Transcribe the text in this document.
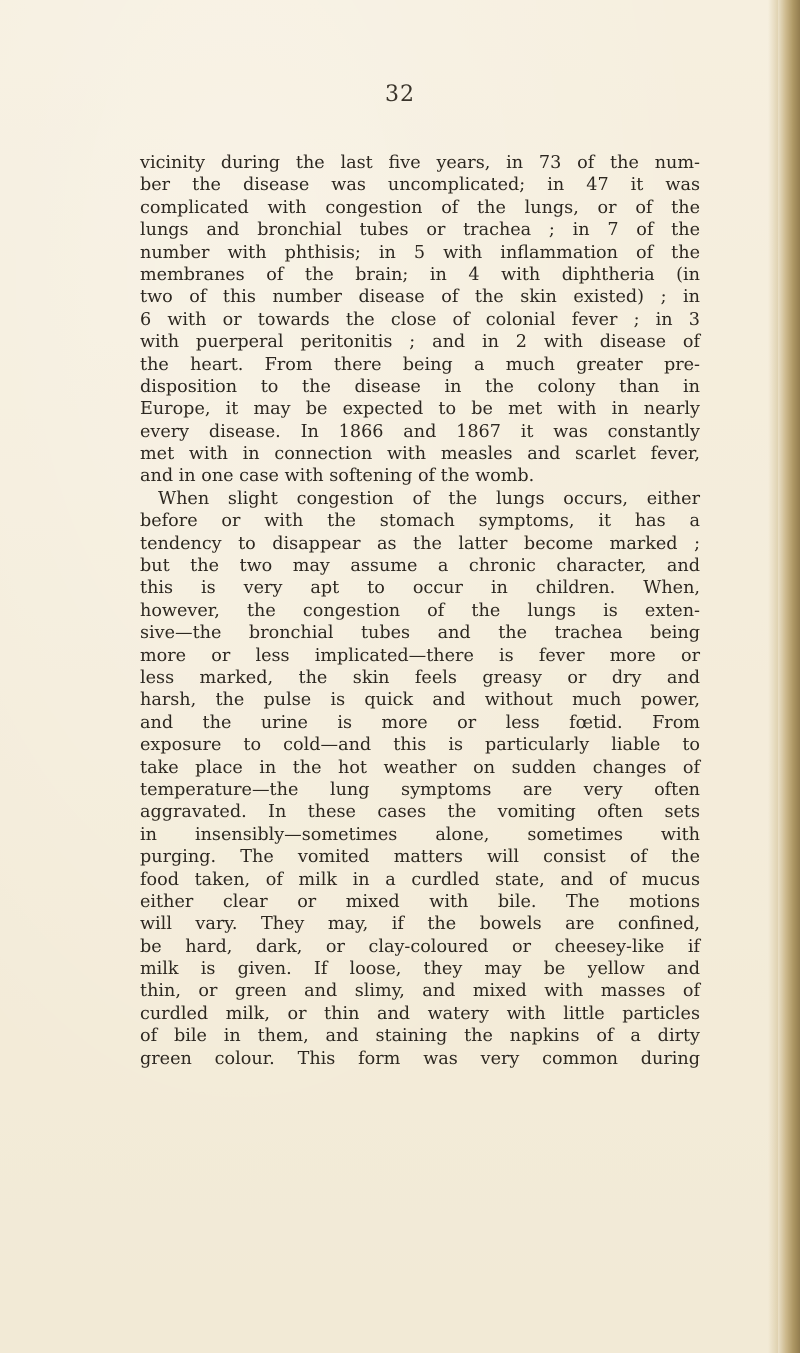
32
vicinity during the last five years, in 73 of the num-
ber the disease was uncomplicated; in 47 it was
complicated with congestion of the lungs, or of the
lungs and bronchial tubes or trachea ; in 7 of the
number with phthisis; in 5 with inflammation of the
membranes of the brain; in 4 with diphtheria (in
two of this number disease of the skin existed) ; in
6 with or towards the close of colonial fever ; in 3
with puerperal peritonitis ; and in 2 with disease of
the heart. From there being a much greater pre-
disposition to the disease in the colony than in
Europe, it may be expected to be met with in nearly
every disease. In 1866 and 1867 it was constantly
met with in connection with measles and scarlet fever,
and in one case with softening of the womb.
When slight congestion of the lungs occurs, either
before or with the stomach symptoms, it has a
tendency to disappear as the latter become marked ;
but the two may assume a chronic character, and
this is very apt to occur in children. When,
however, the congestion of the lungs is exten-
sive—the bronchial tubes and the trachea being
more or less implicated—there is fever more or
less marked, the skin feels greasy or dry and
harsh, the pulse is quick and without much power,
and the urine is more or less fœtid. From
exposure to cold—and this is particularly liable to
take place in the hot weather on sudden changes of
temperature—the lung symptoms are very often
aggravated. In these cases the vomiting often sets
in insensibly—sometimes alone, sometimes with
purging. The vomited matters will consist of the
food taken, of milk in a curdled state, and of mucus
either clear or mixed with bile. The motions
will vary. They may, if the bowels are confined,
be hard, dark, or clay-coloured or cheesey-like if
milk is given. If loose, they may be yellow and
thin, or green and slimy, and mixed with masses of
curdled milk, or thin and watery with little particles
of bile in them, and staining the napkins of a dirty
green colour. This form was very common during
